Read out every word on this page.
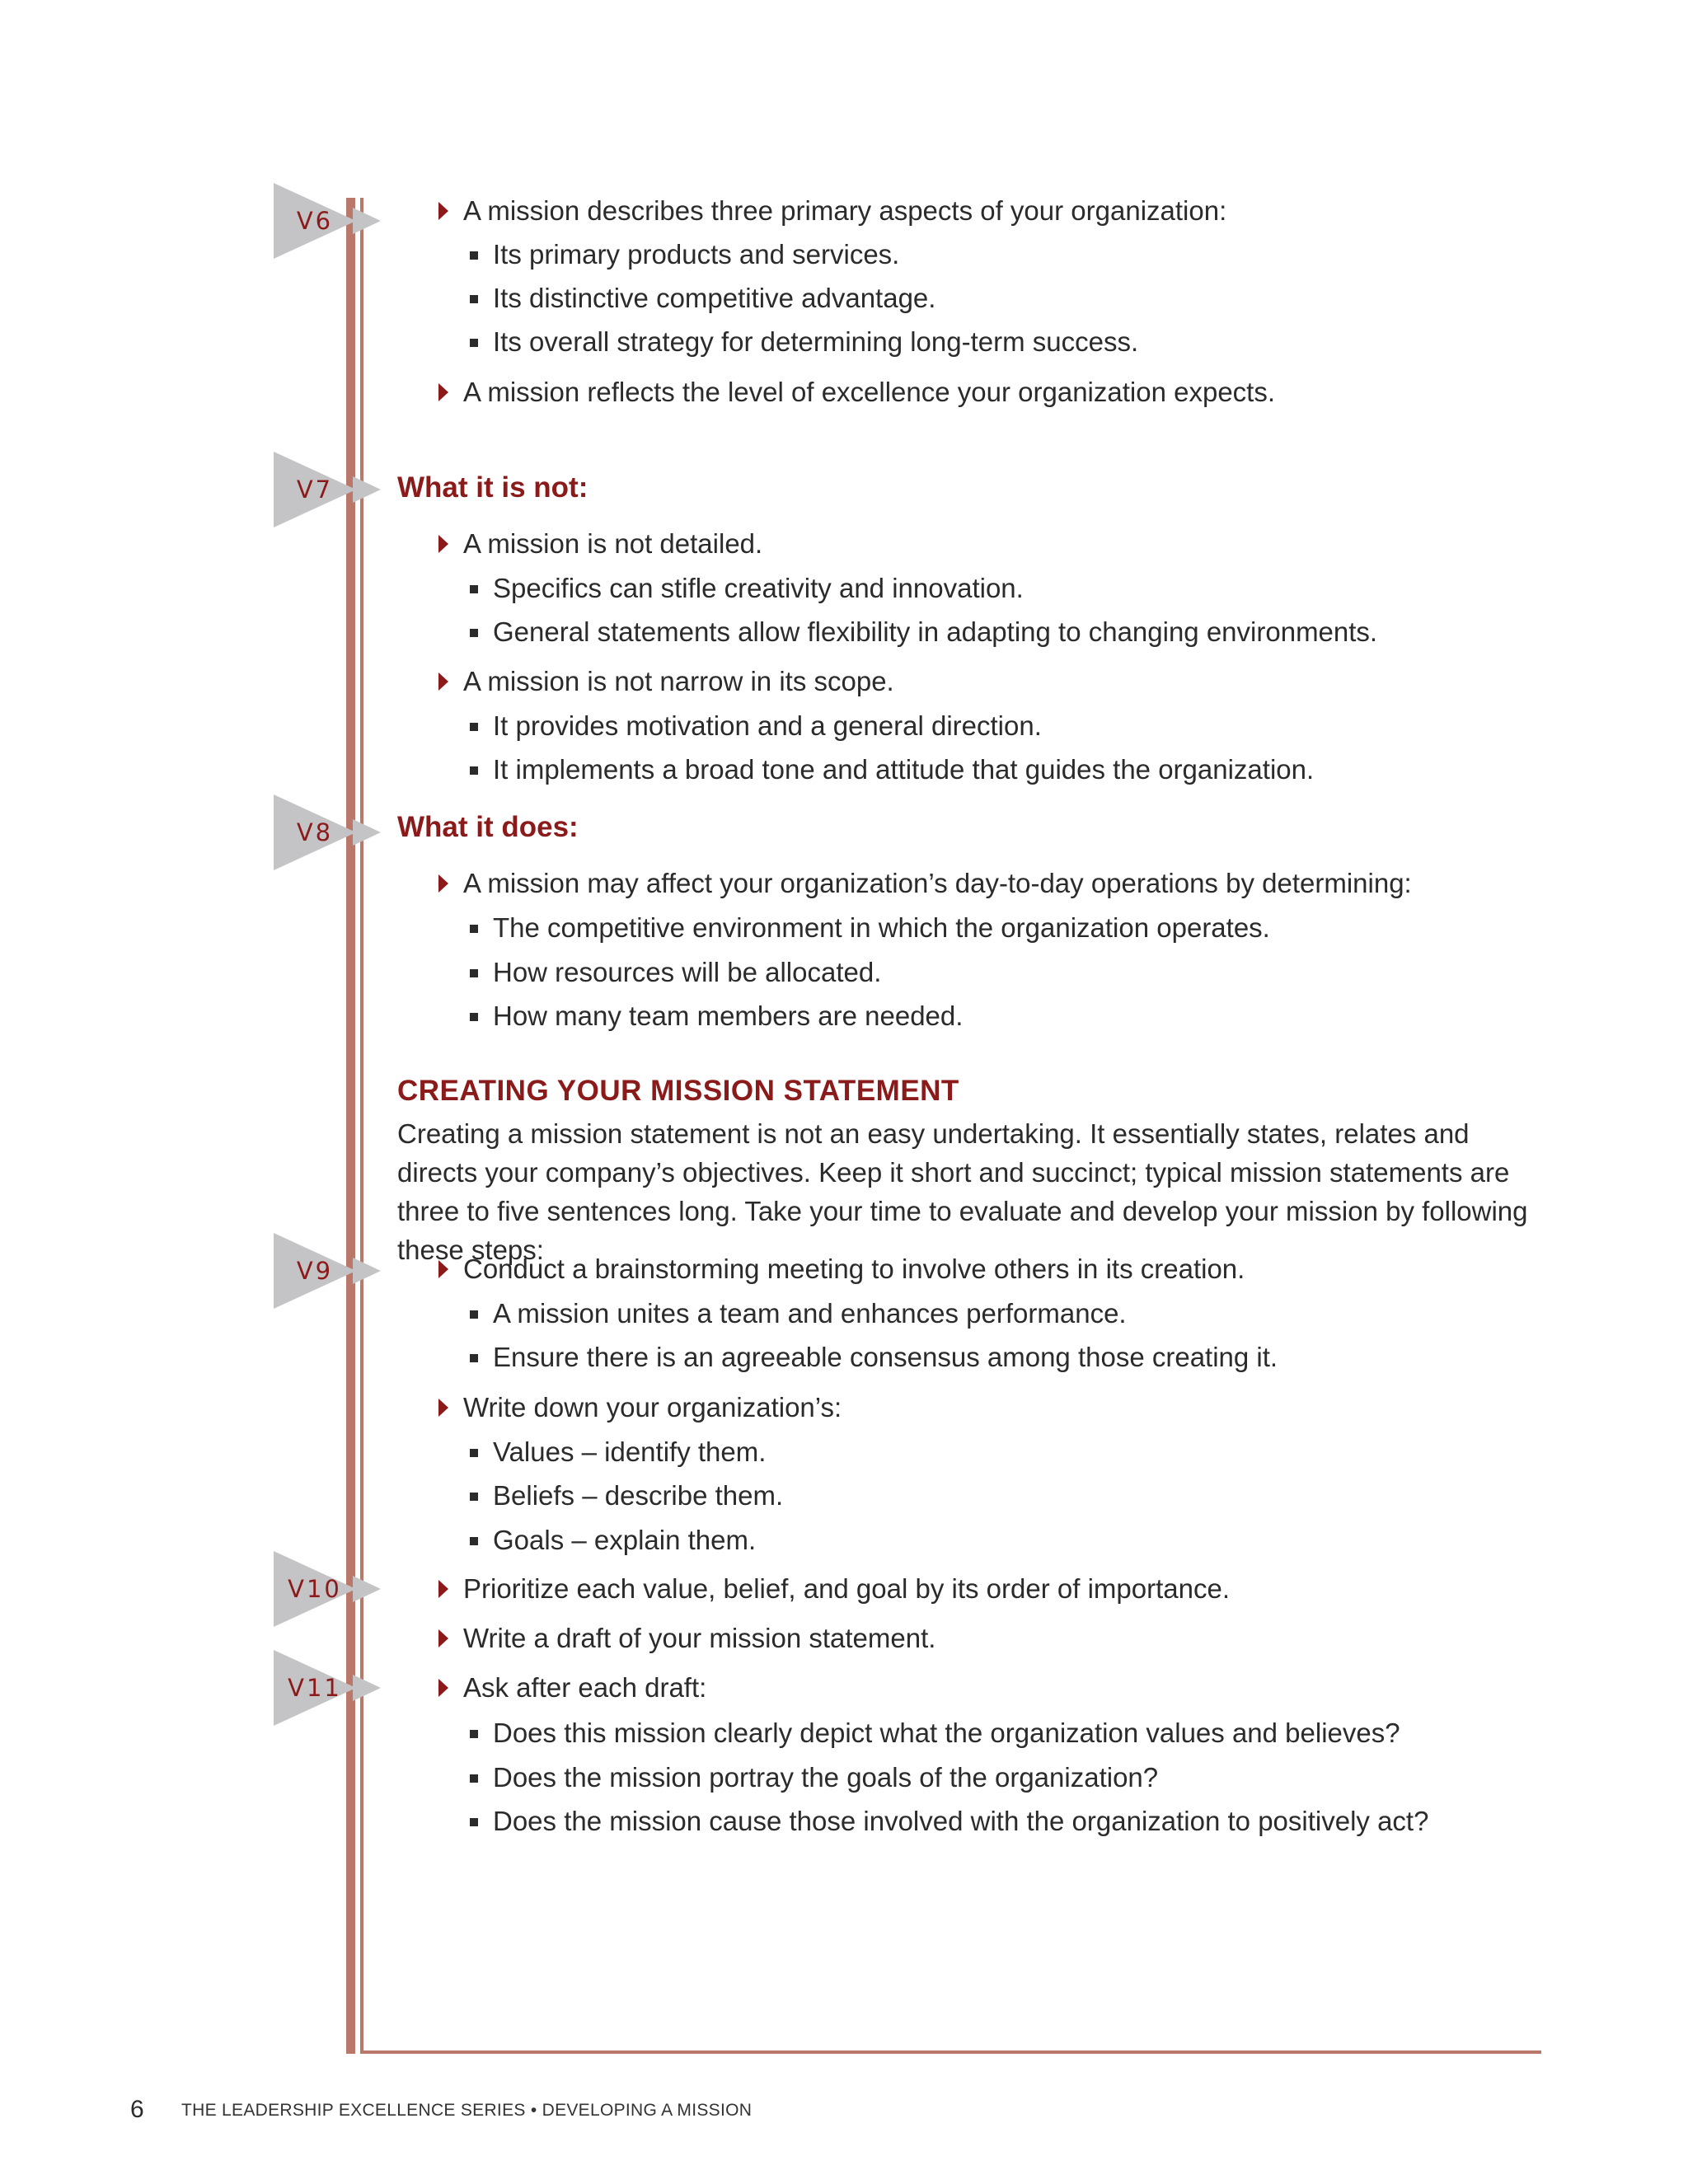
V6
V7
V8
V9
V10
V11
A mission describes three primary aspects of your organization:
Its primary products and services.
Its distinctive competitive advantage.
Its overall strategy for determining long-term success.
A mission reflects the level of excellence your organization expects.
What it is not:
A mission is not detailed.
Specifics can stifle creativity and innovation.
General statements allow flexibility in adapting to changing environments.
A mission is not narrow in its scope.
It provides motivation and a general direction.
It implements a broad tone and attitude that guides the organization.
What it does:
A mission may affect your organization’s day-to-day operations by determining:
The competitive environment in which the organization operates.
How resources will be allocated.
How many team members are needed.
CREATING YOUR MISSION STATEMENT
Creating a mission statement is not an easy undertaking. It essentially states, relates and directs your company’s objectives. Keep it short and succinct; typical mission statements are three to five sentences long. Take your time to evaluate and develop your mission by following these steps:
Conduct a brainstorming meeting to involve others in its creation.
A mission unites a team and enhances performance.
Ensure there is an agreeable consensus among those creating it.
Write down your organization’s:
Values – identify them.
Beliefs – describe them.
Goals – explain them.
Prioritize each value, belief, and goal by its order of importance.
Write a draft of your mission statement.
Ask after each draft:
Does this mission clearly depict what the organization values and believes?
Does the mission portray the goals of the organization?
Does the mission cause those involved with the organization to positively act?
6 THE LEADERSHIP EXCELLENCE SERIES • DEVELOPING A MISSION
